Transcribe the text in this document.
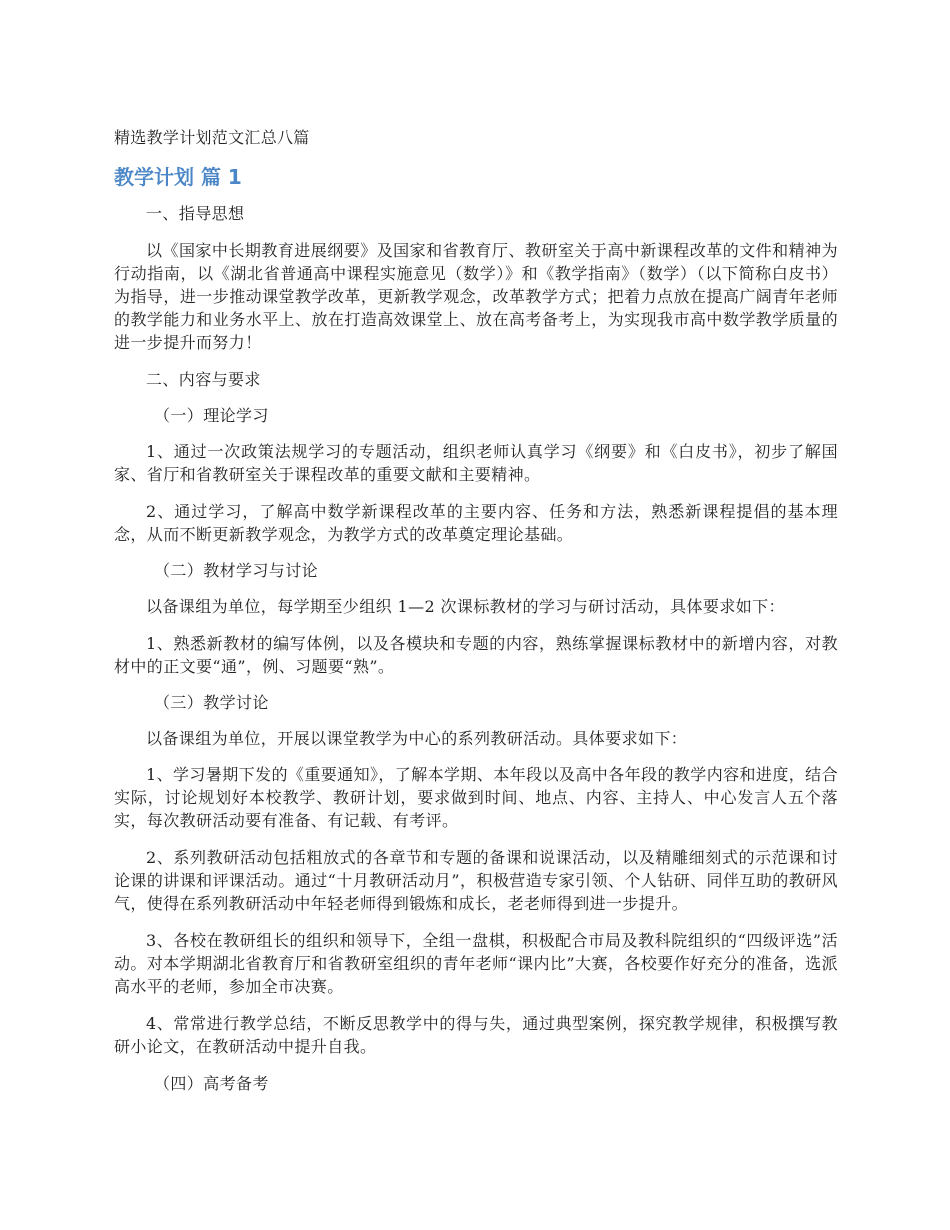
精选教学计划范文汇总八篇
教学计划 篇 1

一、指导思想

以《国家中长期教育进展纲要》及国家和省教育厅、教研室关于高中新课程改革的文件和精神为行动指南，以《湖北省普通高中课程实施意见（数学）》和《教学指南》（数学）（以下简称白皮书）为指导，进一步推动课堂教学改革，更新教学观念，改革教学方式；把着力点放在提高广阔青年老师的教学能力和业务水平上、放在打造高效课堂上、放在高考备考上，为实现我市高中数学教学质量的进一步提升而努力！

二、内容与要求

（一）理论学习

1、通过一次政策法规学习的专题活动，组织老师认真学习《纲要》和《白皮书》，初步了解国家、省厅和省教研室关于课程改革的重要文献和主要精神。

2、通过学习，了解高中数学新课程改革的主要内容、任务和方法，熟悉新课程提倡的基本理念，从而不断更新教学观念，为教学方式的改革奠定理论基础。

（二）教材学习与讨论

以备课组为单位，每学期至少组织 1—2 次课标教材的学习与研讨活动，具体要求如下：

1、熟悉新教材的编写体例，以及各模块和专题的内容，熟练掌握课标教材中的新增内容，对教材中的正文要“通”，例、习题要“熟”。

（三）教学讨论

以备课组为单位，开展以课堂教学为中心的系列教研活动。具体要求如下：

1、学习暑期下发的《重要通知》，了解本学期、本年段以及高中各年段的教学内容和进度，结合实际，讨论规划好本校教学、教研计划，要求做到时间、地点、内容、主持人、中心发言人五个落实，每次教研活动要有准备、有记载、有考评。

2、系列教研活动包括粗放式的各章节和专题的备课和说课活动，以及精雕细刻式的示范课和讨论课的讲课和评课活动。通过“十月教研活动月”，积极营造专家引领、个人钻研、同伴互助的教研风气，使得在系列教研活动中年轻老师得到锻炼和成长，老老师得到进一步提升。

3、各校在教研组长的组织和领导下，全组一盘棋，积极配合市局及教科院组织的“四级评选”活动。对本学期湖北省教育厅和省教研室组织的青年老师“课内比”大赛，各校要作好充分的准备，选派高水平的老师，参加全市决赛。

4、常常进行教学总结，不断反思教学中的得与失，通过典型案例，探究教学规律，积极撰写教研小论文，在教研活动中提升自我。

（四）高考备考
